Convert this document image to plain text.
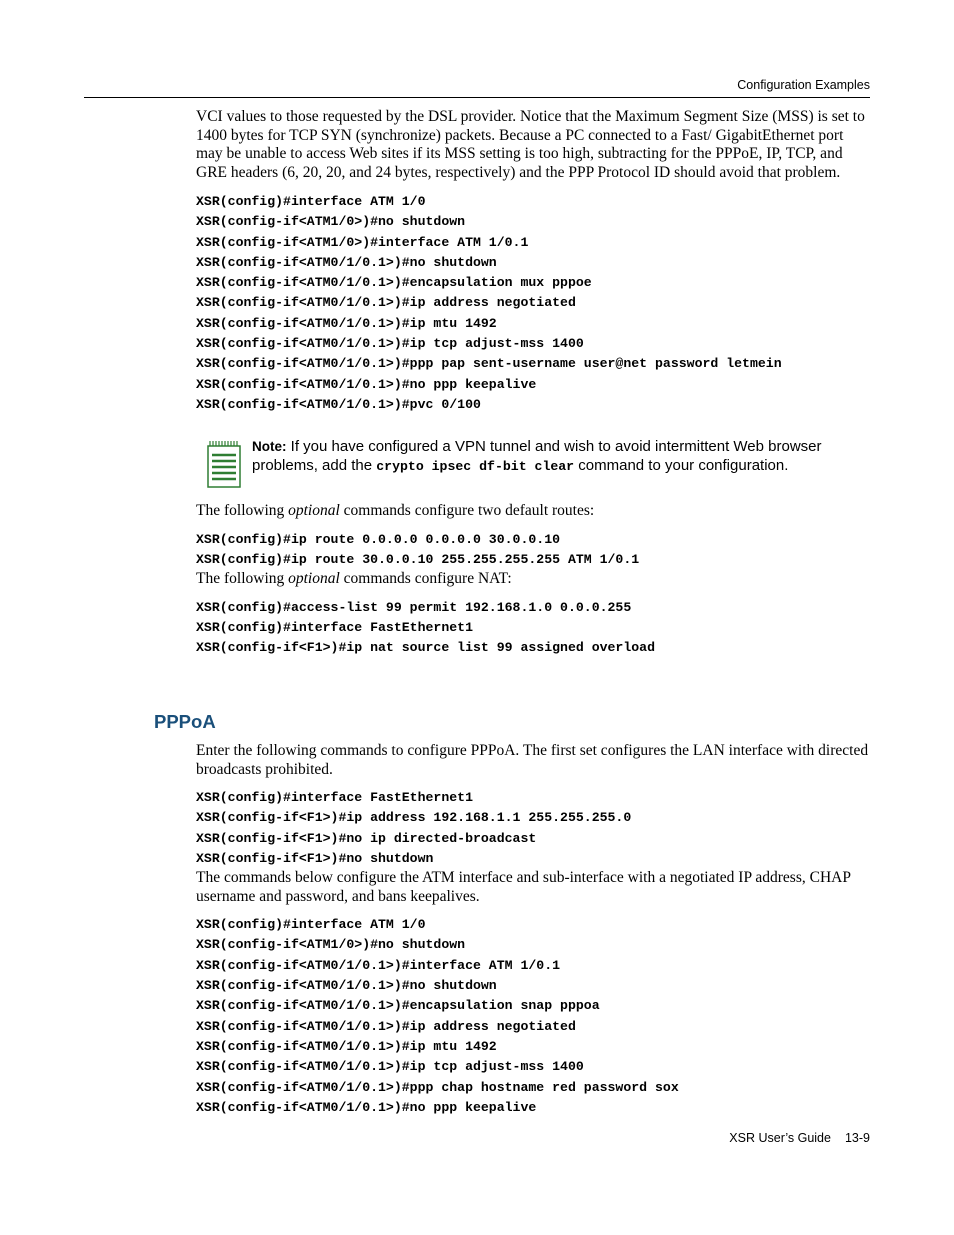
Configuration Examples

VCI values to those requested by the DSL provider. Notice that the Maximum Segment Size (MSS) is set to 1400 bytes for TCP SYN (synchronize) packets. Because a PC connected to a Fast/ GigabitEthernet port may be unable to access Web sites if its MSS setting is too high, subtracting for the PPPoE, IP, TCP, and GRE headers (6, 20, 20, and 24 bytes, respectively) and the PPP Protocol ID should avoid that problem.

XSR(config)#interface ATM 1/0
XSR(config-if<ATM1/0>)#no shutdown
XSR(config-if<ATM1/0>)#interface ATM 1/0.1
XSR(config-if<ATM0/1/0.1>)#no shutdown
XSR(config-if<ATM0/1/0.1>)#encapsulation mux pppoe
XSR(config-if<ATM0/1/0.1>)#ip address negotiated
XSR(config-if<ATM0/1/0.1>)#ip mtu 1492
XSR(config-if<ATM0/1/0.1>)#ip tcp adjust-mss 1400
XSR(config-if<ATM0/1/0.1>)#ppp pap sent-username user@net password letmein
XSR(config-if<ATM0/1/0.1>)#no ppp keepalive
XSR(config-if<ATM0/1/0.1>)#pvc 0/100
Note: If you have configured a VPN tunnel and wish to avoid intermittent Web browser problems, add the crypto ipsec df-bit clear command to your configuration.

The following optional commands configure two default routes:

XSR(config)#ip route 0.0.0.0 0.0.0.0 30.0.0.10
XSR(config)#ip route 30.0.0.10 255.255.255.255 ATM 1/0.1

The following optional commands configure NAT:

XSR(config)#access-list 99 permit 192.168.1.0 0.0.0.255
XSR(config)#interface FastEthernet1
XSR(config-if<F1>)#ip nat source list 99 assigned overload
PPPoA

Enter the following commands to configure PPPoA. The first set configures the LAN interface with directed broadcasts prohibited.

XSR(config)#interface FastEthernet1
XSR(config-if<F1>)#ip address 192.168.1.1 255.255.255.0
XSR(config-if<F1>)#no ip directed-broadcast
XSR(config-if<F1>)#no shutdown

The commands below configure the ATM interface and sub-interface with a negotiated IP address, CHAP username and password, and bans keepalives.

XSR(config)#interface ATM 1/0
XSR(config-if<ATM1/0>)#no shutdown
XSR(config-if<ATM0/1/0.1>)#interface ATM 1/0.1
XSR(config-if<ATM0/1/0.1>)#no shutdown
XSR(config-if<ATM0/1/0.1>)#encapsulation snap pppoa
XSR(config-if<ATM0/1/0.1>)#ip address negotiated
XSR(config-if<ATM0/1/0.1>)#ip mtu 1492
XSR(config-if<ATM0/1/0.1>)#ip tcp adjust-mss 1400
XSR(config-if<ATM0/1/0.1>)#ppp chap hostname red password sox
XSR(config-if<ATM0/1/0.1>)#no ppp keepalive
XSR User’s Guide 13-9
